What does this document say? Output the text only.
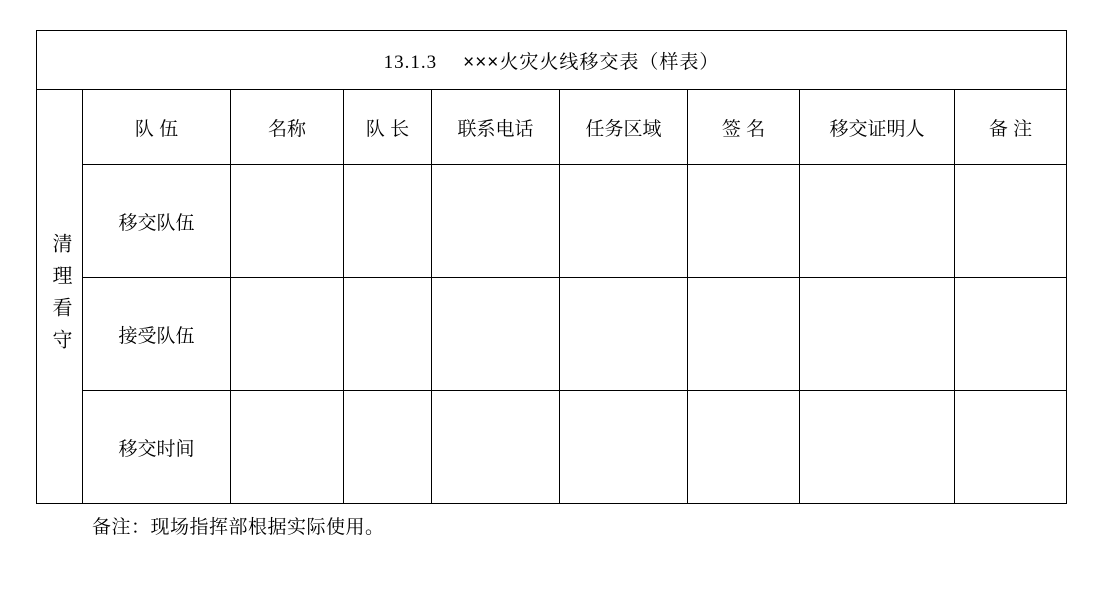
13.1.3 ×××火灾火线移交表（样表）								

清理看守	队 伍	名称	队 长	联系电话	任务区域	签 名	移交证明人	备 注
	移交队伍							
	接受队伍							
	移交时间							
备注：现场指挥部根据实际使用。
